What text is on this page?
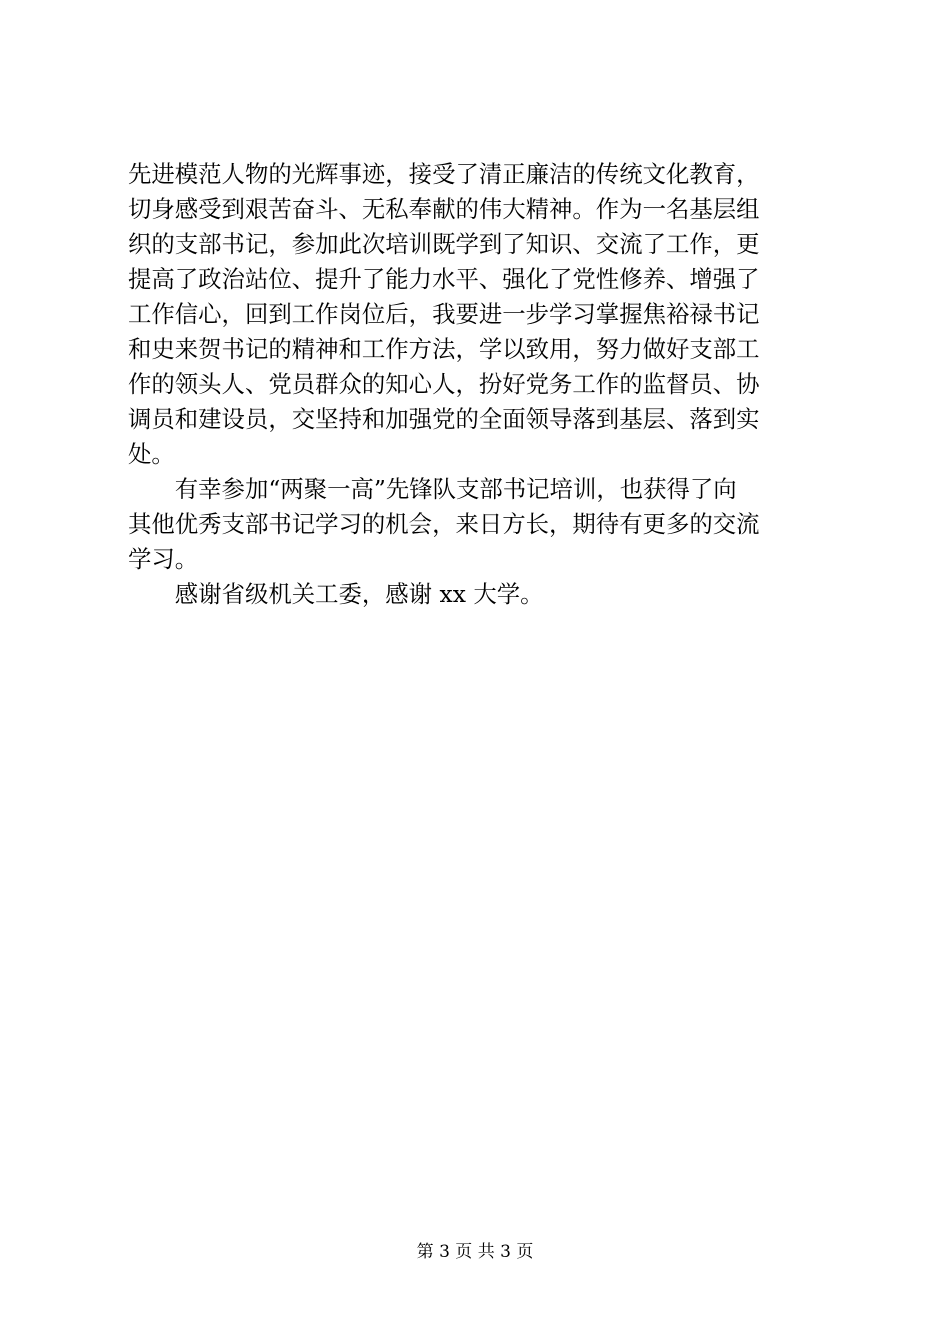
先进模范人物的光辉事迹，接受了清正廉洁的传统文化教育，
切身感受到艰苦奋斗、无私奉献的伟大精神。作为一名基层组
织的支部书记，参加此次培训既学到了知识、交流了工作，更
提高了政治站位、提升了能力水平、强化了党性修养、增强了
工作信心，回到工作岗位后，我要进一步学习掌握焦裕禄书记
和史来贺书记的精神和工作方法，学以致用，努力做好支部工
作的领头人、党员群众的知心人，扮好党务工作的监督员、协
调员和建设员，交坚持和加强党的全面领导落到基层、落到实
处。
　　有幸参加“两聚一高”先锋队支部书记培训，也获得了向
其他优秀支部书记学习的机会，来日方长，期待有更多的交流
学习。
　　感谢省级机关工委，感谢 xx 大学。
第 3 页 共 3 页
